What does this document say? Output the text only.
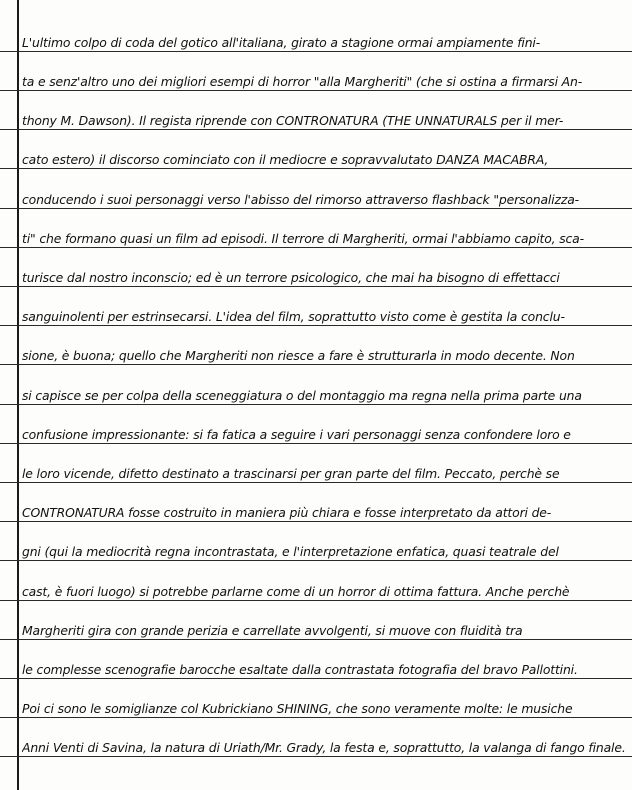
L'ultimo colpo di coda del gotico all'italiana, girato a stagione ormai ampiamente fini-
ta e senz'altro uno dei migliori esempi di horror "alla Margheriti" (che si ostina a firmarsi An-
thony M. Dawson). Il regista riprende con CONTRONATURA (THE UNNATURALS per il mer-
cato estero) il discorso cominciato con il mediocre e sopravvalutato DANZA MACABRA,
conducendo i suoi personaggi verso l'abisso del rimorso attraverso flashback "personalizza-
ti" che formano quasi un film ad episodi. Il terrore di Margheriti, ormai l'abbiamo capito, sca-
turisce dal nostro inconscio; ed è un terrore psicologico, che mai ha bisogno di effettacci
sanguinolenti per estrinsecarsi. L'idea del film, soprattutto visto come è gestita la conclu-
sione, è buona; quello che Margheriti non riesce a fare è strutturarla in modo decente. Non
si capisce se per colpa della sceneggiatura o del montaggio ma regna nella prima parte una
confusione impressionante: si fa fatica a seguire i vari personaggi senza confondere loro e
le loro vicende, difetto destinato a trascinarsi per gran parte del film. Peccato, perchè se
CONTRONATURA fosse costruito in maniera più chiara e fosse interpretato da attori de-
gni (qui la mediocrità regna incontrastata, e l'interpretazione enfatica, quasi teatrale del
cast, è fuori luogo) si potrebbe parlarne come di un horror di ottima fattura. Anche perchè
Margheriti gira con grande perizia e carrellate avvolgenti, si muove con fluidità tra
le complesse scenografie barocche esaltate dalla contrastata fotografia del bravo Pallottini.
Poi ci sono le somiglianze col Kubrickiano SHINING, che sono veramente molte: le musiche
Anni Venti di Savina, la natura di Uriath/Mr. Grady, la festa e, soprattutto, la valanga di fango finale.
